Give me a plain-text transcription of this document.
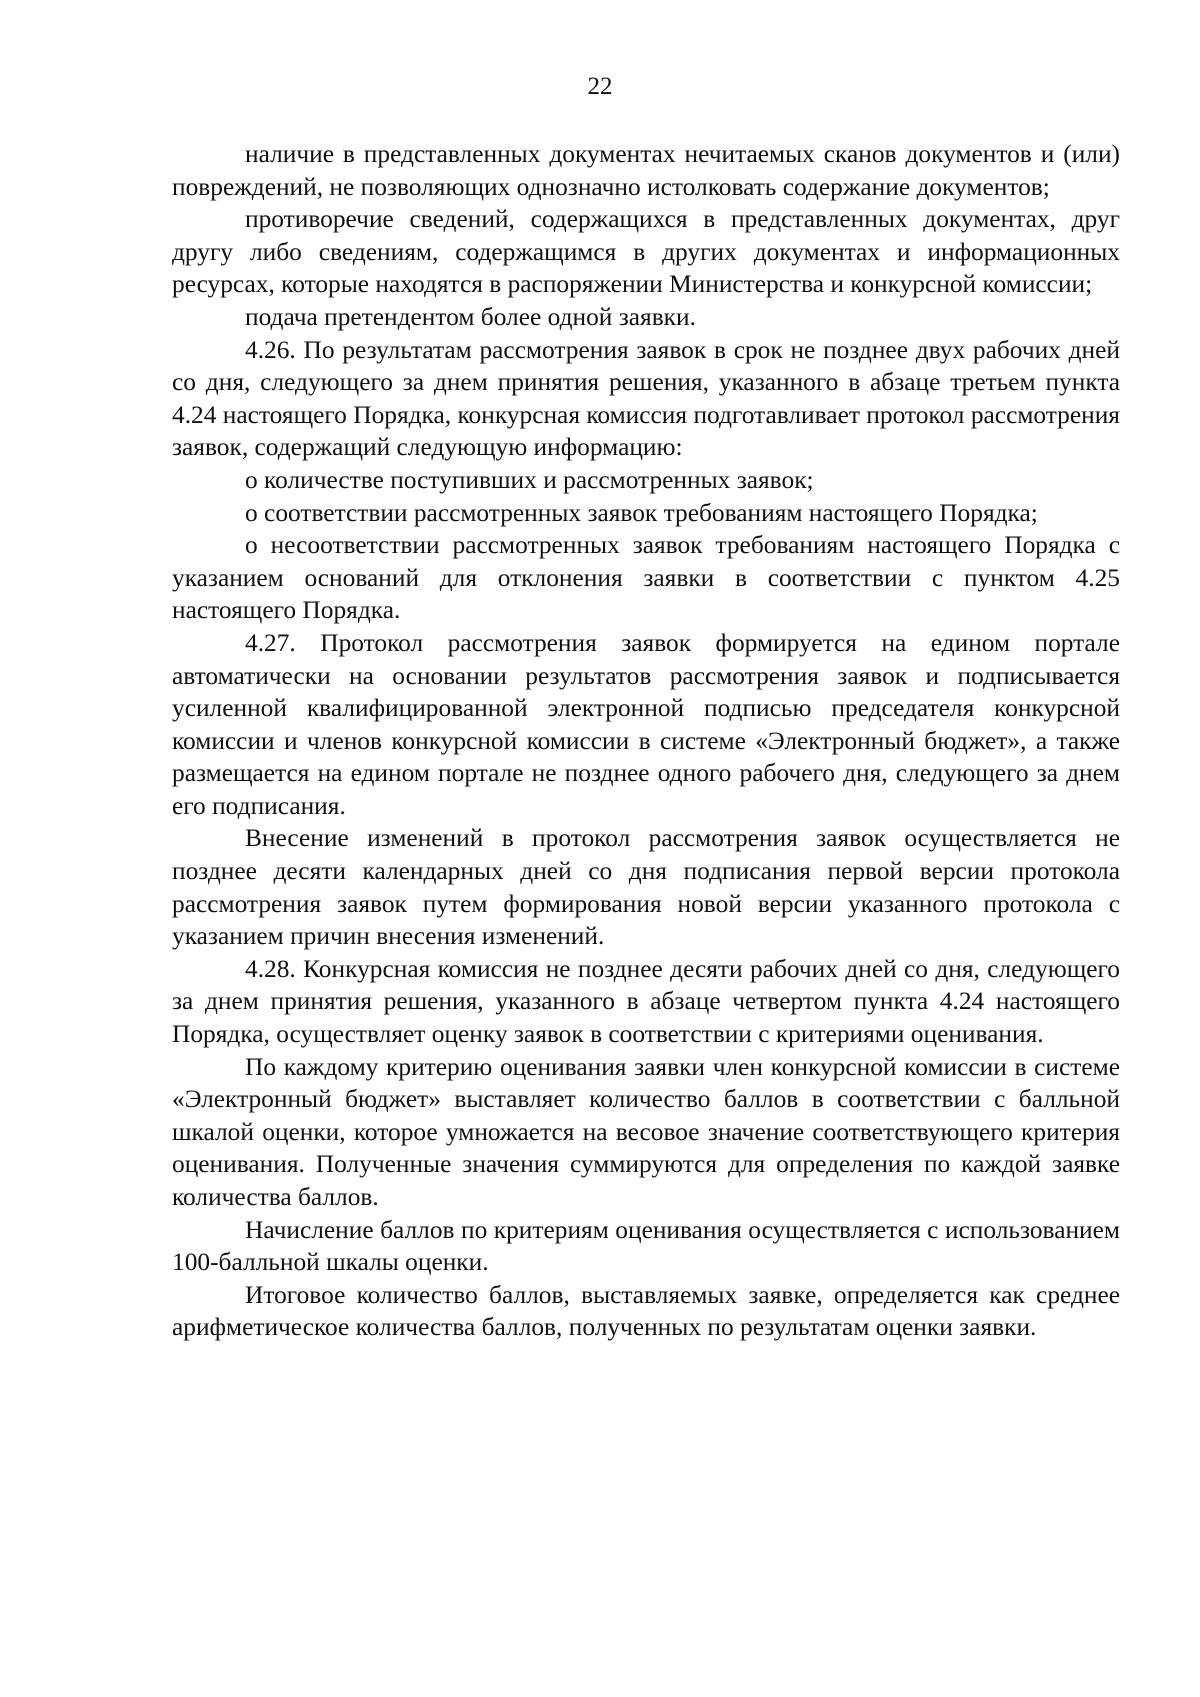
22

наличие в представленных документах нечитаемых сканов документов и (или) повреждений, не позволяющих однозначно истолковать содержание документов;

противоречие сведений, содержащихся в представленных документах, друг другу либо сведениям, содержащимся в других документах и информационных ресурсах, которые находятся в распоряжении Министерства и конкурсной комиссии;

подача претендентом более одной заявки.

4.26. По результатам рассмотрения заявок в срок не позднее двух рабочих дней со дня, следующего за днем принятия решения, указанного в абзаце третьем пункта 4.24 настоящего Порядка, конкурсная комиссия подготавливает протокол рассмотрения заявок, содержащий следующую информацию:

о количестве поступивших и рассмотренных заявок;

о соответствии рассмотренных заявок требованиям настоящего Порядка;

о несоответствии рассмотренных заявок требованиям настоящего Порядка с указанием оснований для отклонения заявки в соответствии с пунктом 4.25 настоящего Порядка.

4.27. Протокол рассмотрения заявок формируется на едином портале автоматически на основании результатов рассмотрения заявок и подписывается усиленной квалифицированной электронной подписью председателя конкурсной комиссии и членов конкурсной комиссии в системе «Электронный бюджет», а также размещается на едином портале не позднее одного рабочего дня, следующего за днем его подписания.

Внесение изменений в протокол рассмотрения заявок осуществляется не позднее десяти календарных дней со дня подписания первой версии протокола рассмотрения заявок путем формирования новой версии указанного протокола с указанием причин внесения изменений.

4.28. Конкурсная комиссия не позднее десяти рабочих дней со дня, следующего за днем принятия решения, указанного в абзаце четвертом пункта 4.24 настоящего Порядка, осуществляет оценку заявок в соответствии с критериями оценивания.

По каждому критерию оценивания заявки член конкурсной комиссии в системе «Электронный бюджет» выставляет количество баллов в соответствии с балльной шкалой оценки, которое умножается на весовое значение соответствующего критерия оценивания. Полученные значения суммируются для определения по каждой заявке количества баллов.

Начисление баллов по критериям оценивания осуществляется с использованием 100-балльной шкалы оценки.

Итоговое количество баллов, выставляемых заявке, определяется как среднее арифметическое количества баллов, полученных по результатам оценки заявки.
